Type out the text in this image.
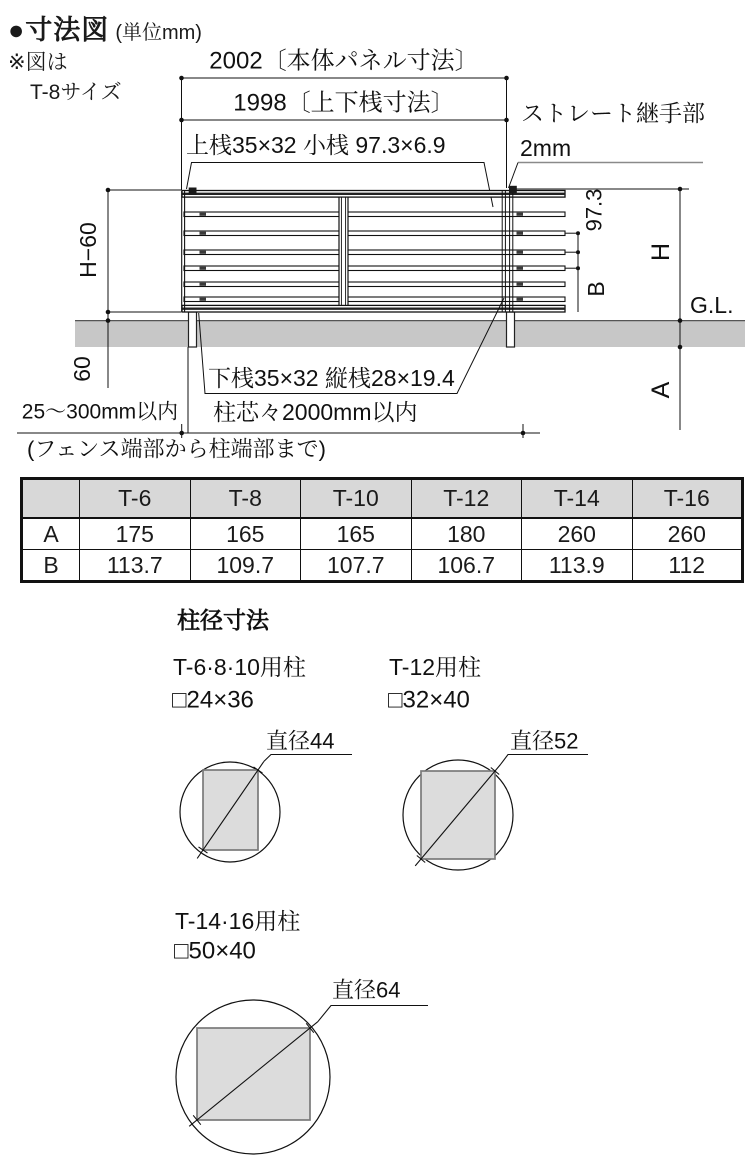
2002〔本体パネル寸法〕
1998〔上下桟寸法〕
上桟35×32 小桟 97.3×6.9
ストレート継手部
2mm
H−60
60
97.3
B
H
A
G.L.
下桟35×32 縦桟28×19.4
25〜300mm以内 柱芯々2000mm以内
(フェンス端部から柱端部まで)
柱径寸法
T-6·8·10用柱
□24×36
直径44
T-12用柱
□32×40
直径52
T-14·16用柱
□50×40
直径64
●寸法図 (単位mm)
※図は
T-8サイズ
	T-6	T-8	T-10	T-12	T-14	T-16
A	175	165	165	180	260	260
B	113.7	109.7	107.7	106.7	113.9	112
